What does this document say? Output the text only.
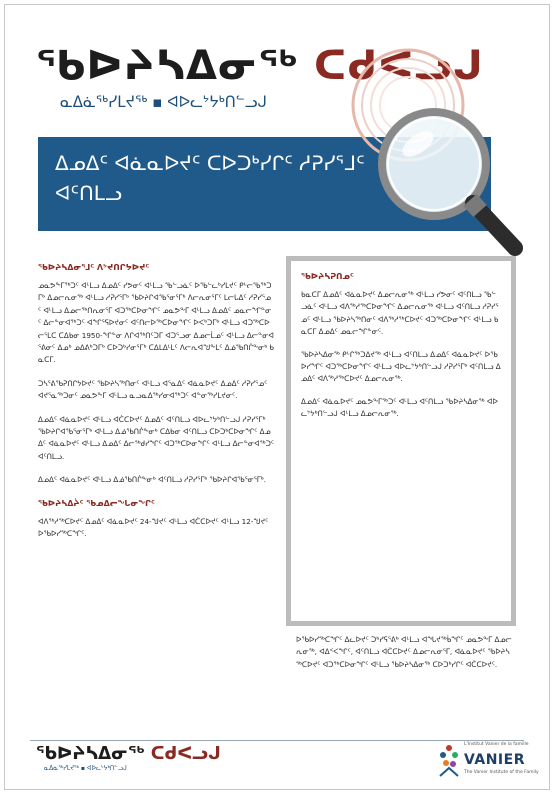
ᖃᐅᔨᓴᐃᓂᖅ ᑕᑯᐸᓗᒍ
ᓇᐃᓈᖅᓯᒪᔪᖅ ▪ ᐊᐅᓚᔾᔭᒃᑎᓪᓗᒍ
ᐃᓄᐃᑦ ᐊᓈᓇᐅᔪᑦ ᑕᐅᑐᒃᓯᒋᑦ ᓱᕈᓯᕐᒧᑦ ᐊᑦᑎᒪᓗ
ᖃᐅᔨᓴᐃᓂᕐᒧᑦ ᐱᔾᔪᑎᒋᔭᐅᔪᑦ

ᓄᓇᕗᖕᒥᖅᑐᑦ ᐊᒻᒪᓗ ᐃᓄᐃᑦ ᓯᕗᓂᑦ ᐊᒻᒪᓗ ᖃᓪᓗᓈᑦ ᐅᖃᓪᓚᒃᓯᒪᔪᑦ ᑭᒡᓕᖃᖅᑐᒥᒃ ᐃᓄᓕᕆᓂᖅ ᐊᒻᒪᓗ ᓱᕈᓯᕐᒥᒃ ᖃᐅᔨᒋᐊᖃᕐᓂᕐᒥᒃ ᐱᓕᕆᓂᕐᒥᑦ ᒪᓕᒐᐃᑦ ᓱᕈᓯᕐᓄᑦ ᐊᒻᒪᓗ ᐃᓄᓕᖅᑎᕆᓂᕐᒥ ᐊᑐᖅᑕᐅᓂᖏᑦ ᓄᓇᕗᖕᒥ ᐊᒻᒪᓗ ᐃᓄᐃᑦ ᓄᓇᓕᖏᓐᓂᑦ ᐃᓕᓐᓂᐊᖅᑐᑦ ᐊᖏᕐᕋᐅᔪᓂᑦ ᐊᑦᑎᓕᐅᖅᑕᐅᓂᖏᑦ ᐅᐸᒃᑐᒥᒃ ᐊᒻᒪᓗ ᐊᑐᖅᑕᐅᓕᕐᒪᑕ ᑕᐃᑲᓂ 1950-ᖏᓐᓂ ᐱᒋᐊᖅᑎᑦᑐᒥ ᐊᑐᕐᓗᓂ ᐃᓄᓕᒫᓄᑦ ᐊᒻᒪᓗ ᐃᓕᓐᓂᐊᕐᕕᓂᑦ ᐃᓄᒃ ᓄᐃᕕᒃᑐᒥᒃ ᑕᐅᑐᒃᓯᓂᕐᒥᒃ ᑕᐃᒪᐃᒻᒪᑦ ᐱᓕᕆᐊᖑᖕᒪᑦ ᐃᓅᖃᑎᒌᖕᓂᒃ ᑲᓇᑕᒥ.

ᑐᓴᕐᕕᖃᕈᑎᒋᔭᐅᔪᑦ ᖃᐅᔨᓴᖅᑎᓂᑦ ᐊᒻᒪᓗ ᐊᕐᓇᐃᑦ ᐊᓈᓇᐅᔪᑦ ᐃᓄᐃᑦ ᓱᕈᓯᕐᓄᑦ ᐊᔪᕐᓇᖅᑐᓂᑦ ᓄᓇᕗᖕᒥ ᐊᒻᒪᓗ ᓇᓗᓇᐃᖅᓯᓂᐊᖅᑐᑦ ᐊᓐᓂᖅᓯᒪᔪᓂᑦ.

ᐃᓄᐃᑦ ᐊᓈᓇᐅᔪᑦ ᐊᒻᒪᓗ ᐊᑖᑕᐅᔪᑦ ᐃᓄᐃᑦ ᐊᑦᑎᒪᓗ ᐊᐅᓚᔾᔭᒃᑎᓪᓗᒍ ᓱᕈᓯᕐᒥᒃ ᖃᐅᔨᒋᐊᖃᕐᓂᕐᒥᒃ ᐊᒻᒪᓗ ᐃᓅᖃᑎᒌᖕᓂᒃ ᑕᐃᑲᓂ ᐊᑦᑎᒪᓗ ᑕᐅᑐᒃᑕᐅᓂᖏᑦ ᐃᓄᐃᑦ ᐊᓈᓇᐅᔪᑦ ᐊᒻᒪᓗ ᐃᓄᐃᑦ ᐃᓕᖅᑯᓯᖏᑦ ᐊᑐᖅᑕᐅᓂᖏᑦ ᐊᒻᒪᓗ ᐃᓕᓐᓂᐊᖅᑐᑦ ᐊᑦᑎᒪᓗ.

ᐃᓄᐃᑦ ᐊᓈᓇᐅᔪᑦ ᐊᒻᒪᓗ ᐃᓅᖃᑎᒌᖕᓂᒃ ᐊᑦᑎᒪᓗ ᓱᕈᓯᕐᒥᒃ ᖃᐅᔨᒋᐊᖃᕐᓂᕐᒥᒃ.

ᖃᐅᔨᓴᐃᔩᑦ ᖃᓄᐃᓕᖓᓂᖏᑦ

ᐊᐱᖅᓱᖅᑕᐅᔪᑦ ᐃᓄᐃᑦ ᐊᓈᓇᐅᔪᑦ 24-ᖑᔪᑦ ᐊᒻᒪᓗ ᐊᑖᑕᐅᔪᑦ ᐊᒻᒪᓗ 12-ᖑᔪᑦ ᐅᖃᐅᓯᖅᑕᖏᑦ.

ᖃᐅᔨᓴᕈᑎᓄᑦ

ᑲᓇᑕᒥ ᐃᓄᐃᑦ ᐊᓈᓇᐅᔪᑦ ᐃᓄᓕᕆᓂᖅ ᐊᒻᒪᓗ ᓯᕗᓂᑦ ᐊᑦᑎᒪᓗ ᖃᓪᓗᓈᑦ ᐊᒻᒪᓗ ᐊᐱᖅᓱᖅᑕᐅᓂᖏᑦ ᐃᓄᓕᕆᓂᖅ ᐊᒻᒪᓗ ᐊᑦᑎᒪᓗ ᓱᕈᓯᕐᓄᑦ ᐊᒻᒪᓗ ᖃᐅᔨᓴᖅᑎᓂᑦ ᐊᐱᖅᓱᖅᑕᐅᔪᑦ ᐊᑐᖅᑕᐅᓂᖏᑦ ᐊᒻᒪᓗ ᑲᓇᑕᒥ ᐃᓄᐃᑦ ᓄᓇᓕᖏᓐᓂᑦ.

ᖃᐅᔨᓴᐃᓂᖅ ᑭᒡᒋᖅᑐᐃᔪᖅ ᐊᒻᒪᓗ ᐊᑦᑎᒪᓗ ᐃᓄᐃᑦ ᐊᓈᓇᐅᔪᑦ ᐅᖃᐅᓯᖏᑦ ᐊᑐᖅᑕᐅᓂᖏᑦ ᐊᒻᒪᓗ ᐊᐅᓚᔾᔭᒃᑎᓪᓗᒍ ᓱᕈᓯᕐᒥᒃ ᐊᑦᑎᒪᓗ ᐃᓄᐃᑦ ᐊᐱᖅᓱᖅᑕᐅᔪᑦ ᐃᓄᓕᕆᓂᖅ.

ᐃᓄᐃᑦ ᐊᓈᓇᐅᔪᑦ ᓄᓇᕗᖕᒥᖅᑐᑦ ᐊᒻᒪᓗ ᐊᑦᑎᒪᓗ ᖃᐅᔨᓴᐃᓂᖅ ᐊᐅᓚᔾᔭᒃᑎᓪᓗᒍ ᐊᒻᒪᓗ ᐃᓄᓕᕆᓂᖅ.

ᐅᖃᐅᓯᖅᑕᖏᑦ ᐃᓚᐅᔪᑦ ᑐᒃᓯᕋᕐᕕᒃ ᐊᒻᒪᓗ ᐊᖓᔪᖅᑳᖏᑦ ᓄᓇᕗᖕᒥ ᐃᓄᓕᕆᓂᖅ, ᐊᐃᑉᐸᖏᑦ, ᐊᑦᑎᒪᓗ ᐊᑖᑕᐅᔪᑦ ᐃᓄᓕᕆᓂᕐᒥ, ᐊᓈᓇᐅᔪᑦ ᖃᐅᔨᓴᖅᑕᐅᔪᑦ ᐊᑐᖅᑕᐅᓂᖏᑦ ᐊᒻᒪᓗ ᖃᐅᔨᓴᐃᓂᖅ ᑕᐅᑐᒃᓯᒋᑦ ᐊᑖᑕᐅᔪᑦ.

ᖃᐅᔨᓴᐃᓂᖅ ᑕᑯᐸᓗᒍ
ᓇᐃᓈᖅᓯᒪᔪᖅ ▪ ᐊᐅᓚᔾᔭᒃᑎᓪᓗᒍ
L'Institut Vanier de la famille
VANIER
The Vanier Institute of the Family
